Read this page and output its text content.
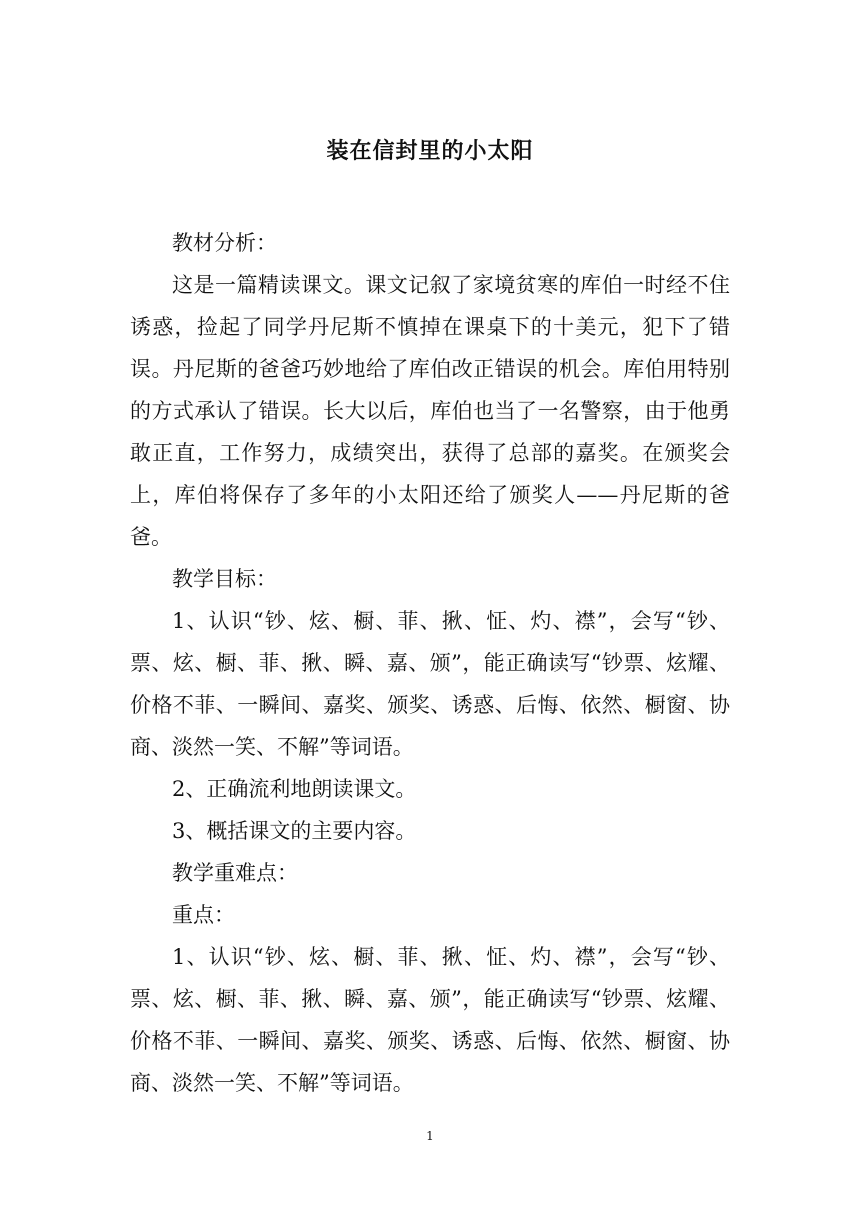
装在信封里的小太阳

教材分析：

这是一篇精读课文。课文记叙了家境贫寒的库伯一时经不住诱惑，捡起了同学丹尼斯不慎掉在课桌下的十美元，犯下了错误。丹尼斯的爸爸巧妙地给了库伯改正错误的机会。库伯用特别的方式承认了错误。长大以后，库伯也当了一名警察，由于他勇敢正直，工作努力，成绩突出，获得了总部的嘉奖。在颁奖会上，库伯将保存了多年的小太阳还给了颁奖人——丹尼斯的爸爸。

教学目标：

1、认识“钞、炫、橱、菲、揪、怔、灼、襟”，会写“钞、票、炫、橱、菲、揪、瞬、嘉、颁”，能正确读写“钞票、炫耀、价格不菲、一瞬间、嘉奖、颁奖、诱惑、后悔、依然、橱窗、协商、淡然一笑、不解”等词语。

2、正确流利地朗读课文。

3、概括课文的主要内容。

教学重难点：

重点：

1、认识“钞、炫、橱、菲、揪、怔、灼、襟”，会写“钞、票、炫、橱、菲、揪、瞬、嘉、颁”，能正确读写“钞票、炫耀、价格不菲、一瞬间、嘉奖、颁奖、诱惑、后悔、依然、橱窗、协商、淡然一笑、不解”等词语。

1
